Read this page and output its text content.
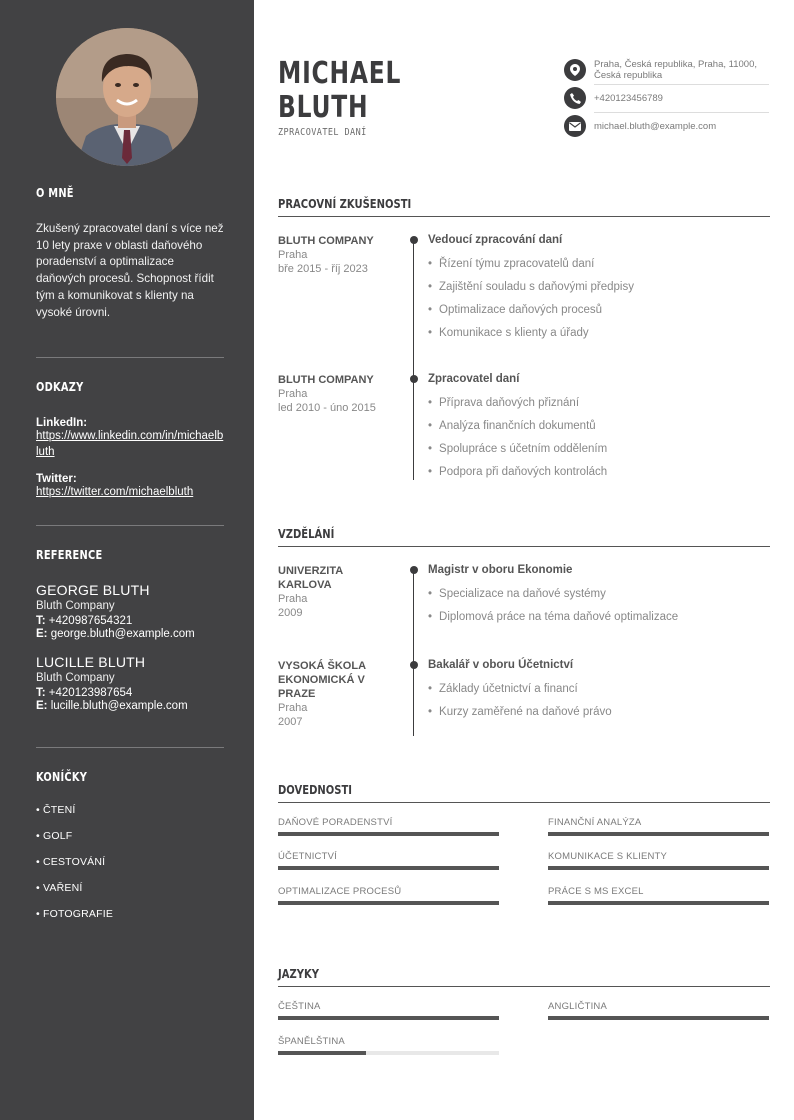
O MNĚ
Zkušený zpracovatel daní s více než 10 lety praxe v oblasti daňového poradenství a optimalizace daňových procesů. Schopnost řídit tým a komunikovat s klienty na vysoké úrovni.
ODKAZY
LinkedIn:
https://www.linkedin.com/in/michaelbluth
Twitter:
https://twitter.com/michaelbluth
REFERENCE
GEORGE BLUTH
Bluth Company
T: +420987654321
E: george.bluth@example.com
LUCILLE BLUTH
Bluth Company
T: +420123987654
E: lucille.bluth@example.com
KONÍČKY
• ČTENÍ
• GOLF
• CESTOVÁNÍ
• VAŘENÍ
• FOTOGRAFIE
MICHAEL
BLUTH
ZPRACOVATEL DANÍ
Praha, Česká republika, Praha, 11000, Česká republika
+420123456789
michael.bluth@example.com
PRACOVNÍ ZKUŠENOSTI
BLUTH COMPANY
Praha
bře 2015 - říj 2023
Vedoucí zpracování daní
• Řízení týmu zpracovatelů daní
• Zajištění souladu s daňovými předpisy
• Optimalizace daňových procesů
• Komunikace s klienty a úřady
BLUTH COMPANY
Praha
led 2010 - úno 2015
Zpracovatel daní
• Příprava daňových přiznání
• Analýza finančních dokumentů
• Spolupráce s účetním oddělením
• Podpora při daňových kontrolách
VZDĚLÁNÍ
UNIVERZITA
KARLOVA
Praha
2009
Magistr v oboru Ekonomie
• Specializace na daňové systémy
• Diplomová práce na téma daňové optimalizace
VYSOKÁ ŠKOLA
EKONOMICKÁ V
PRAZE
Praha
2007
Bakalář v oboru Účetnictví
• Základy účetnictví a financí
• Kurzy zaměřené na daňové právo
DOVEDNOSTI
DAŇOVÉ PORADENSTVÍ	FINANČNÍ ANALÝZA
ÚČETNICTVÍ	KOMUNIKACE S KLIENTY
OPTIMALIZACE PROCESŮ	PRÁCE S MS EXCEL
JAZYKY
ČEŠTINA	ANGLIČTINA
ŠPANĚLŠTINA
